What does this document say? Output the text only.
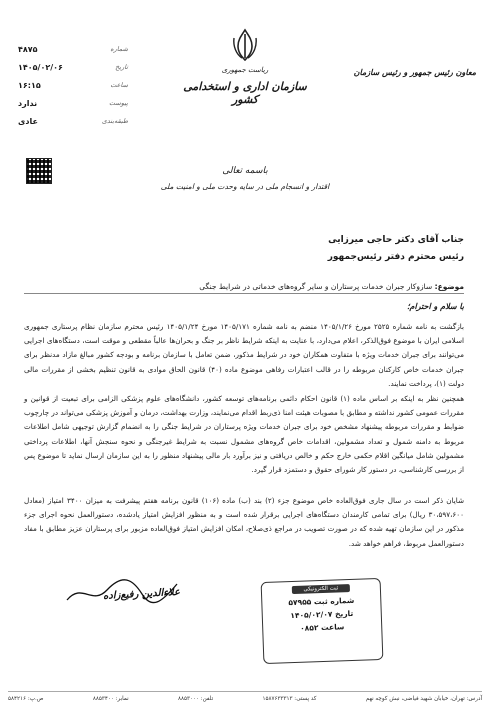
شماره
۴۸۷۵
تاریخ
۱۴۰۵/۰۲/۰۶
ساعت
۱۶:۱۵
پیوست
ندارد
طبقه‌بندی
عادی
ریاست جمهوری
سازمان اداری و استخدامی کشور
معاون رئیس جمهور و رئیس سازمان
باسمه تعالی
اقتدار و انسجام ملی در سایه وحدت ملی و امنیت ملی
جناب آقای دکتر حاجی میرزایی
رئیس محترم دفتر رئیس‌جمهور
موضوع: سازوکار جبران خدمات پرستاران و سایر گروه‌های خدماتی در شرایط جنگی
با سلام و احترام؛
بازگشت به نامه شماره ۲۵۲۵ مورخ ۱۴۰۵/۱/۲۶ منضم به نامه شماره ۱۴۰۵/۱۷۱ مورخ ۱۴۰۵/۱/۲۴ رئیس محترم سازمان نظام پرستاری جمهوری اسلامی ایران با موضوع فوق‌الذکر، اعلام می‌دارد، با عنایت به اینکه شرایط ناظر بر جنگ و بحران‌ها عالباً مقطعی و موقت است، دستگاه‌های اجرایی می‌توانند برای جبران خدمات ویژه با متفاوت همکاران خود در شرایط مذکور، ضمن تعامل با سازمان برنامه و بودجه کشور مبالغ مازاد مدنظر برای جبران خدمات خاص کارکنان مربوطه را در قالب اعتبارات رفاهی موضوع ماده (۴۰) قانون الحاق موادی به قانون تنظیم بخشی از مقررات مالی دولت (۱)، پرداخت نمایند.
همچنین نظر به اینکه بر اساس ماده (۱) قانون احکام دائمی برنامه‌های توسعه کشور، دانشگاه‌های علوم پزشکی الزامی برای تبعیت از قوانین و مقررات عمومی کشور نداشته و مطابق با مصوبات هیئت امنا ذی‌ربط اقدام می‌نمایند، وزارت بهداشت، درمان و آموزش پزشکی می‌تواند در چارچوب ضوابط و مقررات مربوطه پیشنهاد مشخص خود برای جبران خدمات ویژه پرستاران در شرایط جنگی را به انضمام گزارش توجیهی شامل اطلاعات مربوط به دامنه شمول و تعداد مشمولین، اقدامات خاص گروه‌های مشمول نسبت به شرایط غیرجنگی و نحوه سنجش آنها، اطلاعات پرداختی مشمولین شامل میانگین اقلام حکمی خارج حکم و خالص دریافتی و نیز برآورد بار مالی پیشنهاد منظور را به این سازمان ارسال نماید تا موضوع پس از بررسی کارشناسی، در دستور کار شورای حقوق و دستمزد قرار گیرد.
شایان ذکر است در سال جاری فوق‌العاده خاص موضوع جزء (۲) بند (ب) ماده (۱۰۶) قانون برنامه هفتم پیشرفت به میزان ۳۴۰۰ امتیاز (معادل ۳۰،۵۹۷،۶۰۰ ریال) برای تمامی کارمندان دستگاه‌های اجرایی برقرار شده است و به منظور افزایش امتیاز یادشده، دستورالعمل نحوه اجرای جزء مذکور در این سازمان تهیه شده که در صورت تصویب در مراجع ذی‌صلاح، امکان افزایش امتیاز فوق‌العاده مزبور برای پرستاران عزیز مطابق با مفاد دستورالعمل مربوط، فراهم خواهد شد.
علاءالدین رفیع‌زاده	ثبت الکترونیکی
شماره ثبت ۵۷۹۵۵
تاریخ ۱۴۰۵/۰۲/۰۷
ساعت ۰۸۵۲
آدرس: تهران، خیابان شهید فیاضی، نبش کوچه نهم
کد پستی: ۱۵۸۷۶۳۳۳۱۳
تلفن: ۸۸۵۳۰۰۰
نمابر: ۸۸۵۳۴۰۰
ص.پ: ۵۸۴۲۱۶
